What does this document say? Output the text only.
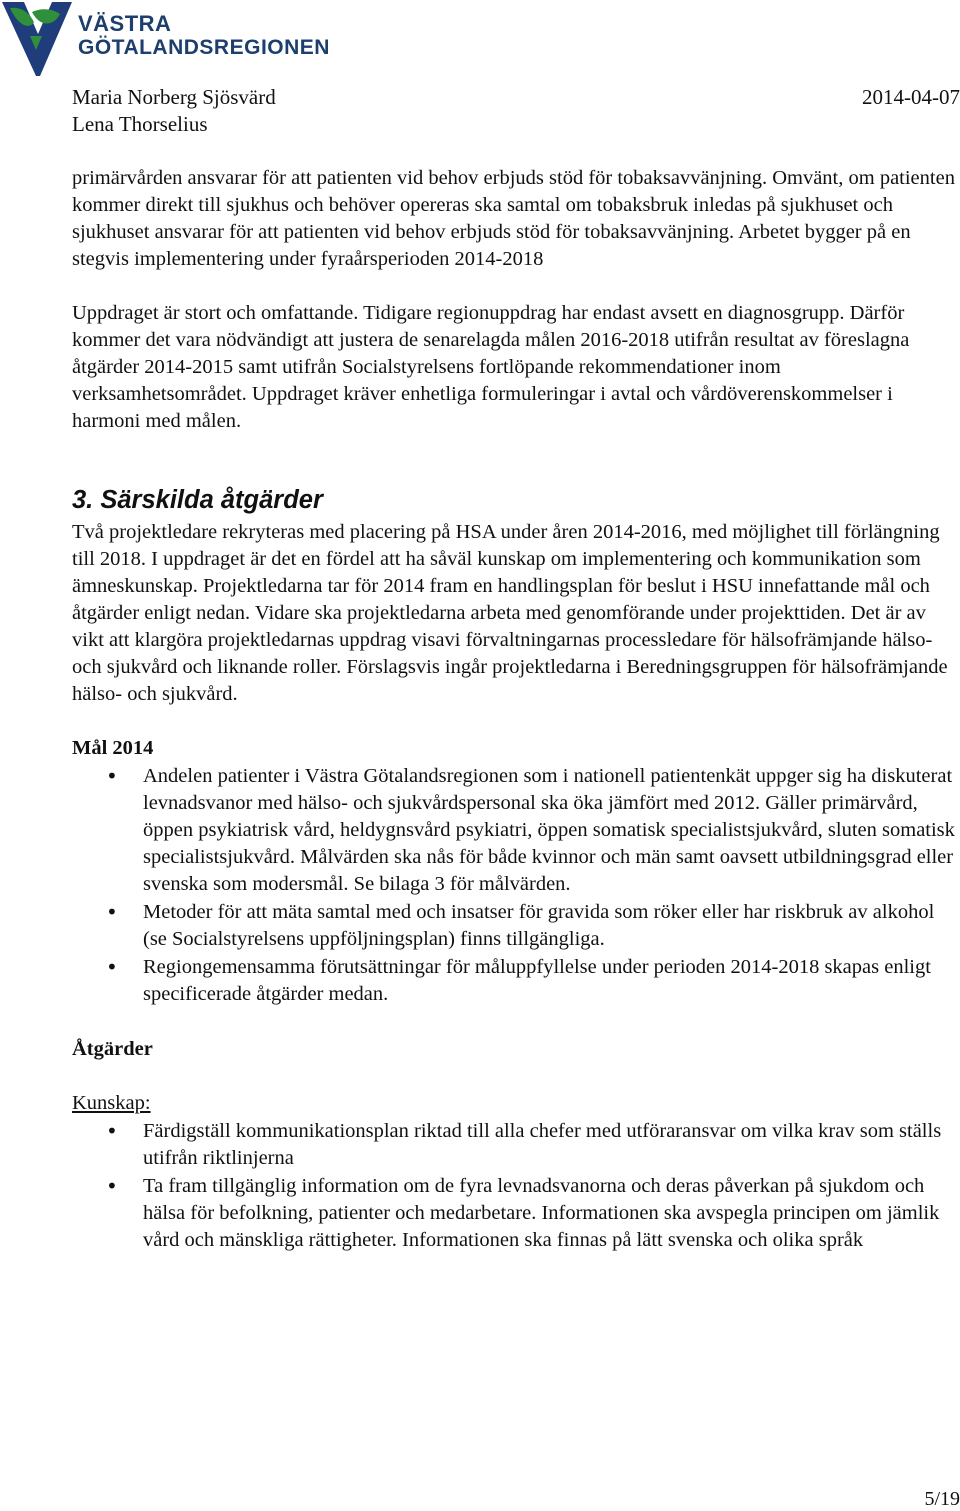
VÄSTRA
GÖTALANDSREGIONEN
Maria Norberg Sjösvärd
Lena Thorselius
2014-04-07

primärvården ansvarar för att patienten vid behov erbjuds stöd för tobaksavvänjning. Omvänt, om patienten kommer direkt till sjukhus och behöver opereras ska samtal om tobaksbruk inledas på sjukhuset och sjukhuset ansvarar för att patienten vid behov erbjuds stöd för tobaksavvänjning. Arbetet bygger på en stegvis implementering under fyraårsperioden 2014-2018

Uppdraget är stort och omfattande. Tidigare regionuppdrag har endast avsett en diagnosgrupp. Därför kommer det vara nödvändigt att justera de senarelagda målen 2016-2018 utifrån resultat av föreslagna åtgärder 2014-2015 samt utifrån Socialstyrelsens fortlöpande rekommendationer inom verksamhetsområdet. Uppdraget kräver enhetliga formuleringar i avtal och vårdöverenskommelser i harmoni med målen.

3. Särskilda åtgärder

Två projektledare rekryteras med placering på HSA under åren 2014-2016, med möjlighet till förlängning till 2018. I uppdraget är det en fördel att ha såväl kunskap om implementering och kommunikation som ämneskunskap. Projektledarna tar för 2014 fram en handlingsplan för beslut i HSU innefattande mål och åtgärder enligt nedan. Vidare ska projektledarna arbeta med genomförande under projekttiden. Det är av vikt att klargöra projektledarnas uppdrag visavi förvaltningarnas processledare för hälsofrämjande hälso- och sjukvård och liknande roller. Förslagsvis ingår projektledarna i Beredningsgruppen för hälsofrämjande hälso- och sjukvård.

Mål 2014

• Andelen patienter i Västra Götalandsregionen som i nationell patientenkät uppger sig ha diskuterat levnadsvanor med hälso- och sjukvårdspersonal ska öka jämfört med 2012. Gäller primärvård, öppen psykiatrisk vård, heldygnsvård psykiatri, öppen somatisk specialistsjukvård, sluten somatisk specialistsjukvård. Målvärden ska nås för både kvinnor och män samt oavsett utbildningsgrad eller svenska som modersmål. Se bilaga 3 för målvärden.
• Metoder för att mäta samtal med och insatser för gravida som röker eller har riskbruk av alkohol (se Socialstyrelsens uppföljningsplan) finns tillgängliga.
• Regiongemensamma förutsättningar för måluppfyllelse under perioden 2014-2018 skapas enligt specificerade åtgärder medan.

Åtgärder

Kunskap:

• Färdigställ kommunikationsplan riktad till alla chefer med utföraransvar om vilka krav som ställs utifrån riktlinjerna
• Ta fram tillgänglig information om de fyra levnadsvanorna och deras påverkan på sjukdom och hälsa för befolkning, patienter och medarbetare. Informationen ska avspegla principen om jämlik vård och mänskliga rättigheter. Informationen ska finnas på lätt svenska och olika språk
5/19
